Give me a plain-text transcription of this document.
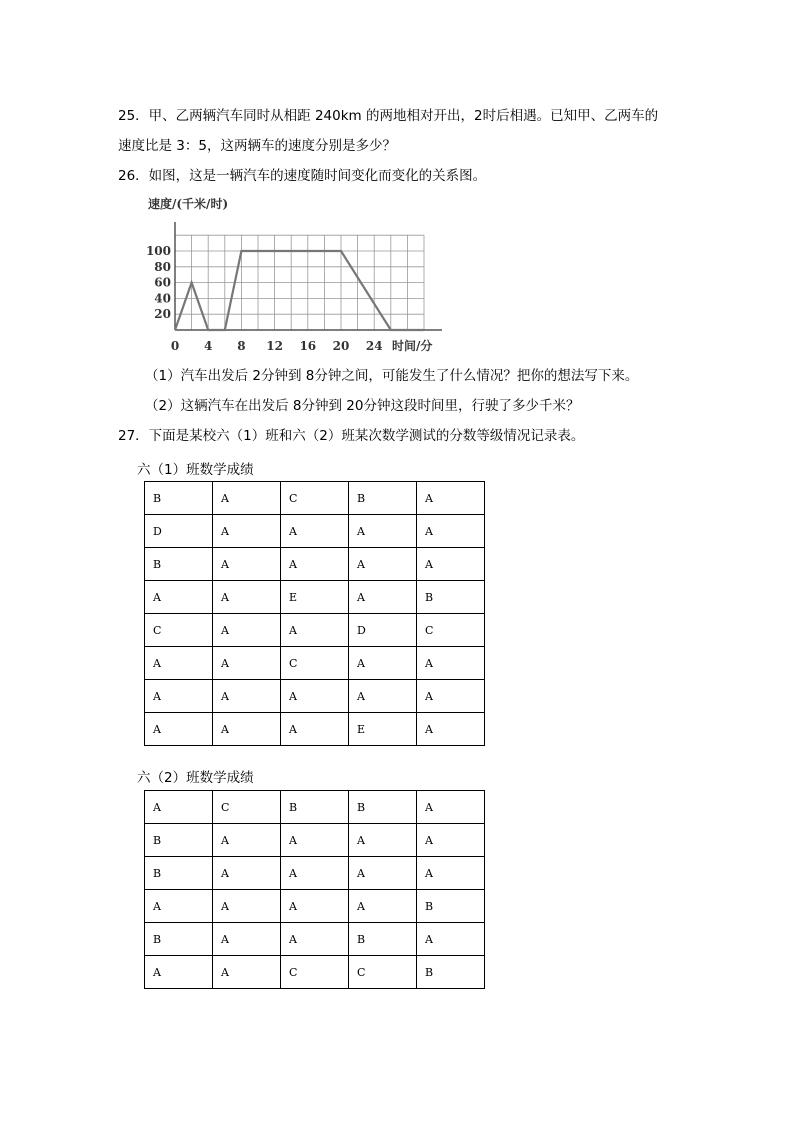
25．甲、乙两辆汽车同时从相距 240km 的两地相对开出，2时后相遇。已知甲、乙两车的
速度比是 3：5，这两辆车的速度分别是多少？
26．如图，这是一辆汽车的速度随时间变化而变化的关系图。
20
40
60
80
100
0 4 8 12 16 20 24
速度/(千米/时)
时间/分
（1）汽车出发后 2分钟到 8分钟之间，可能发生了什么情况？把你的想法写下来。
（2）这辆汽车在出发后 8分钟到 20分钟这段时间里，行驶了多少千米？
27．下面是某校六（1）班和六（2）班某次数学测试的分数等级情况记录表。
六（1）班数学成绩
B	A	C	B	A
D	A	A	A	A
B	A	A	A	A
A	A	E	A	B
C	A	A	D	C
A	A	C	A	A
A	A	A	A	A
A	A	A	E	A
六（2）班数学成绩
A	C	B	B	A
B	A	A	A	A
B	A	A	A	A
A	A	A	A	B
B	A	A	B	A
A	A	C	C	B
